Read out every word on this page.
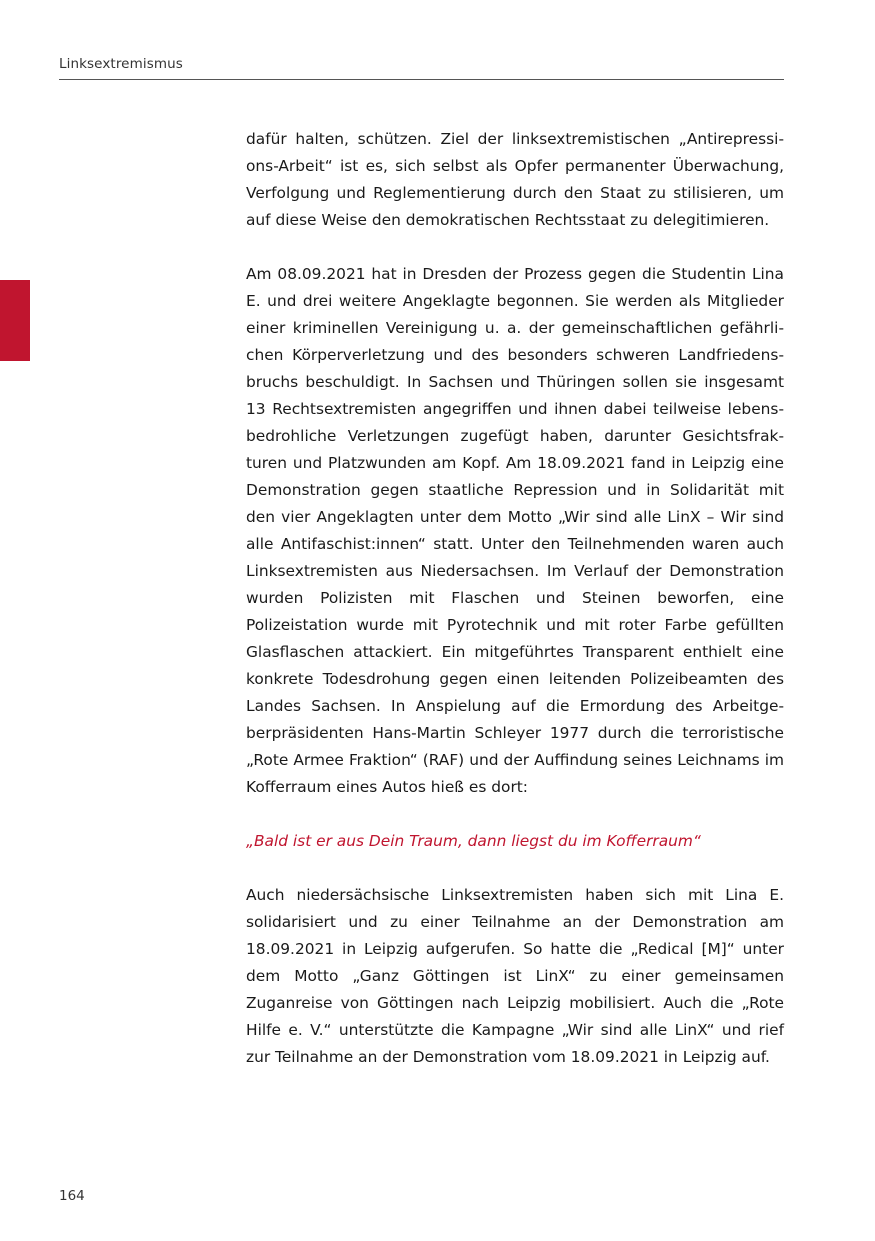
Linksextremismus

dafür halten, schützen. Ziel der linksextremistischen „Antirepressions-Arbeit“ ist es, sich selbst als Opfer permanenter Überwachung, Verfolgung und Reglementierung durch den Staat zu stilisieren, um auf diese Weise den demokratischen Rechtsstaat zu delegitimieren.

Am 08.09.2021 hat in Dresden der Prozess gegen die Studentin Lina E. und drei weitere Angeklagte begonnen. Sie werden als Mitglieder einer kriminellen Vereinigung u. a. der gemeinschaftlichen gefährlichen Körperverletzung und des besonders schweren Landfriedensbruchs beschuldigt. In Sachsen und Thüringen sollen sie insgesamt 13 Rechtsextremisten angegriffen und ihnen dabei teilweise lebensbedrohliche Verletzungen zugefügt haben, darunter Gesichtsfrakturen und Platzwunden am Kopf. Am 18.09.2021 fand in Leipzig eine Demonstration gegen staatliche Repression und in Solidarität mit den vier Angeklagten unter dem Motto „Wir sind alle LinX – Wir sind alle Antifaschist:innen“ statt. Unter den Teilnehmenden waren auch Linksextremisten aus Niedersachsen. Im Verlauf der Demonstration wurden Polizisten mit Flaschen und Steinen beworfen, eine Polizeistation wurde mit Pyrotechnik und mit roter Farbe gefüllten Glasflaschen attackiert. Ein mitgeführtes Transparent enthielt eine konkrete Todesdrohung gegen einen leitenden Polizeibeamten des Landes Sachsen. In Anspielung auf die Ermordung des Arbeitgeberpräsidenten Hans-Martin Schleyer 1977 durch die terroristische „Rote Armee Fraktion“ (RAF) und der Auffindung seines Leichnams im Kofferraum eines Autos hieß es dort:

„Bald ist er aus Dein Traum, dann liegst du im Kofferraum“

Auch niedersächsische Linksextremisten haben sich mit Lina E. solidarisiert und zu einer Teilnahme an der Demonstration am 18.09.2021 in Leipzig aufgerufen. So hatte die „Redical [M]“ unter dem Motto „Ganz Göttingen ist LinX“ zu einer gemeinsamen Zuganreise von Göttingen nach Leipzig mobilisiert. Auch die „Rote Hilfe e. V.“ unterstützte die Kampagne „Wir sind alle LinX“ und rief zur Teilnahme an der Demonstration vom 18.09.2021 in Leipzig auf.

164
